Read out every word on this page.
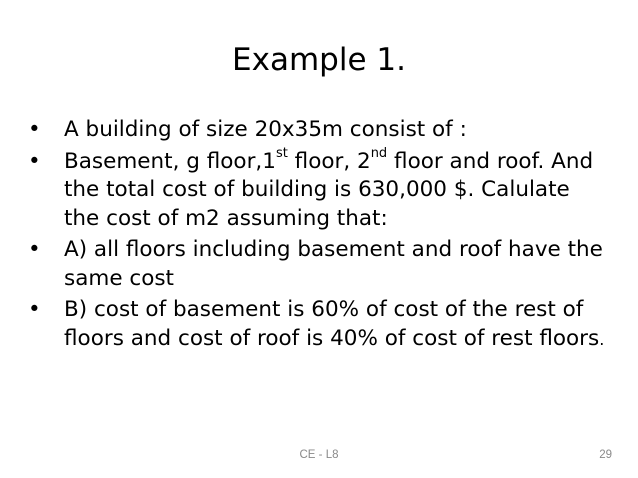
Example 1.
•	A building of size 20x35m consist of :
•	Basement, g floor,1st floor, 2nd floor and roof. And the total cost of building is 630,000 $. Calulate the cost of m2 assuming that:
•	A) all floors including basement and roof have the same cost
•	B) cost of basement is 60% of cost of the rest of floors and cost of roof is 40% of cost of rest floors.
CE - L8	29
